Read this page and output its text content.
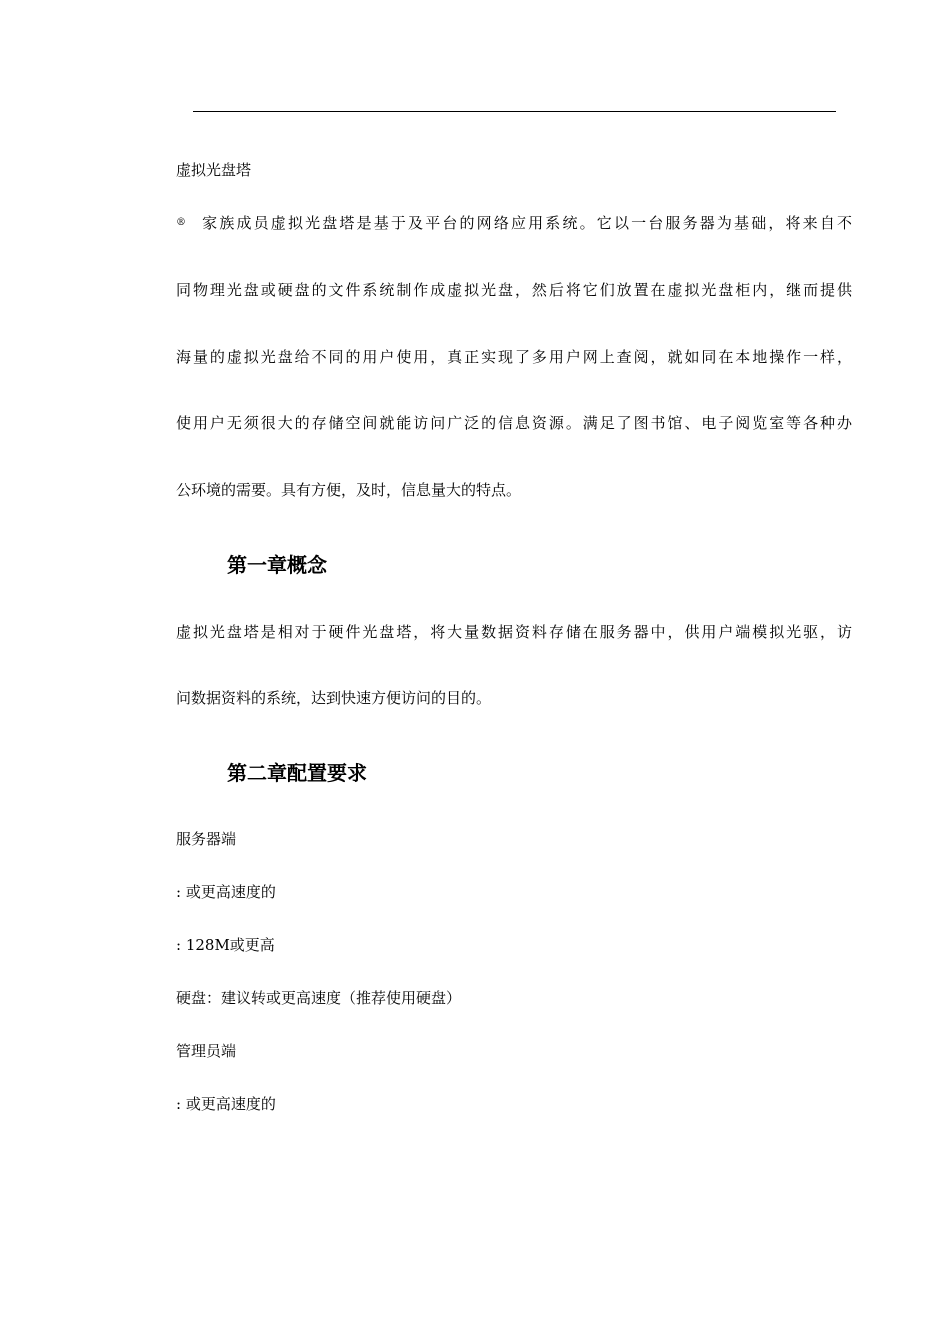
虚拟光盘塔
® 家族成员虚拟光盘塔是基于及平台的网络应用系统。它以一台服务器为基础，将来自不
同物理光盘或硬盘的文件系统制作成虚拟光盘，然后将它们放置在虚拟光盘柜内，继而提供
海量的虚拟光盘给不同的用户使用，真正实现了多用户网上查阅，就如同在本地操作一样，
使用户无须很大的存储空间就能访问广泛的信息资源。满足了图书馆、电子阅览室等各种办
公环境的需要。具有方便，及时，信息量大的特点。
第一章概念
虚拟光盘塔是相对于硬件光盘塔，将大量数据资料存储在服务器中，供用户端模拟光驱，访
问数据资料的系统，达到快速方便访问的目的。
第二章配置要求
服务器端
: 或更高速度的
: 128M或更高
硬盘：建议转或更高速度（推荐使用硬盘）
管理员端
: 或更高速度的
